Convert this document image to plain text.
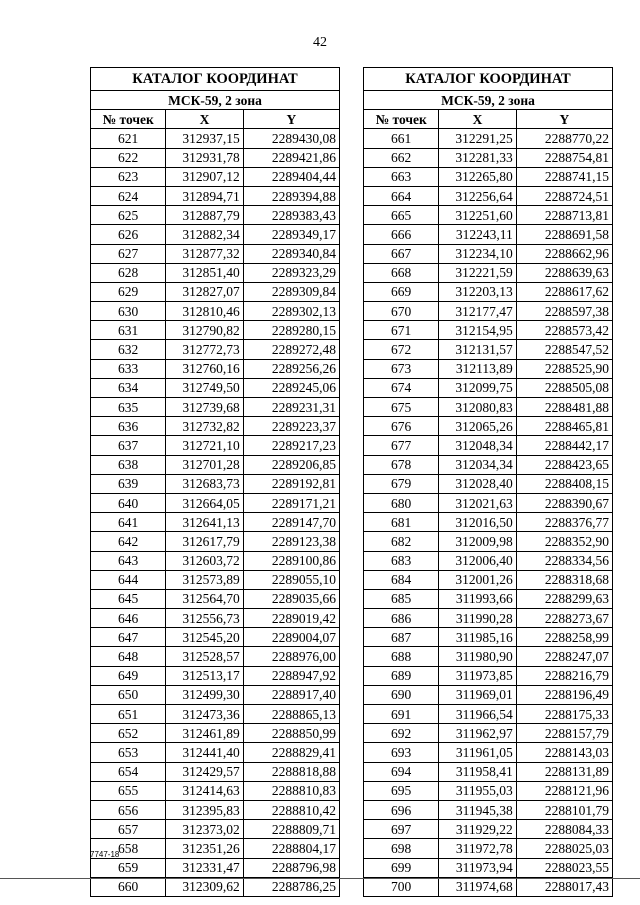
42
КАТАЛОГ КООРДИНАТ		
МСК-59, 2 зона		
№ точек	X	Y
621	312937,15	2289430,08
622	312931,78	2289421,86
623	312907,12	2289404,44
624	312894,71	2289394,88
625	312887,79	2289383,43
626	312882,34	2289349,17
627	312877,32	2289340,84
628	312851,40	2289323,29
629	312827,07	2289309,84
630	312810,46	2289302,13
631	312790,82	2289280,15
632	312772,73	2289272,48
633	312760,16	2289256,26
634	312749,50	2289245,06
635	312739,68	2289231,31
636	312732,82	2289223,37
637	312721,10	2289217,23
638	312701,28	2289206,85
639	312683,73	2289192,81
640	312664,05	2289171,21
641	312641,13	2289147,70
642	312617,79	2289123,38
643	312603,72	2289100,86
644	312573,89	2289055,10
645	312564,70	2289035,66
646	312556,73	2289019,42
647	312545,20	2289004,07
648	312528,57	2288976,00
649	312513,17	2288947,92
650	312499,30	2288917,40
651	312473,36	2288865,13
652	312461,89	2288850,99
653	312441,40	2288829,41
654	312429,57	2288818,88
655	312414,63	2288810,83
656	312395,83	2288810,42
657	312373,02	2288809,71
658	312351,26	2288804,17
659	312331,47	2288796,98
660	312309,62	2288786,25
КАТАЛОГ КООРДИНАТ		
МСК-59, 2 зона		
№ точек	X	Y
661	312291,25	2288770,22
662	312281,33	2288754,81
663	312265,80	2288741,15
664	312256,64	2288724,51
665	312251,60	2288713,81
666	312243,11	2288691,58
667	312234,10	2288662,96
668	312221,59	2288639,63
669	312203,13	2288617,62
670	312177,47	2288597,38
671	312154,95	2288573,42
672	312131,57	2288547,52
673	312113,89	2288525,90
674	312099,75	2288505,08
675	312080,83	2288481,88
676	312065,26	2288465,81
677	312048,34	2288442,17
678	312034,34	2288423,65
679	312028,40	2288408,15
680	312021,63	2288390,67
681	312016,50	2288376,77
682	312009,98	2288352,90
683	312006,40	2288334,56
684	312001,26	2288318,68
685	311993,66	2288299,63
686	311990,28	2288273,67
687	311985,16	2288258,99
688	311980,90	2288247,07
689	311973,85	2288216,79
690	311969,01	2288196,49
691	311966,54	2288175,33
692	311962,97	2288157,79
693	311961,05	2288143,03
694	311958,41	2288131,89
695	311955,03	2288121,96
696	311945,38	2288101,79
697	311929,22	2288084,33
698	311972,78	2288025,03
699	311973,94	2288023,55
700	311974,68	2288017,43
7747-18
